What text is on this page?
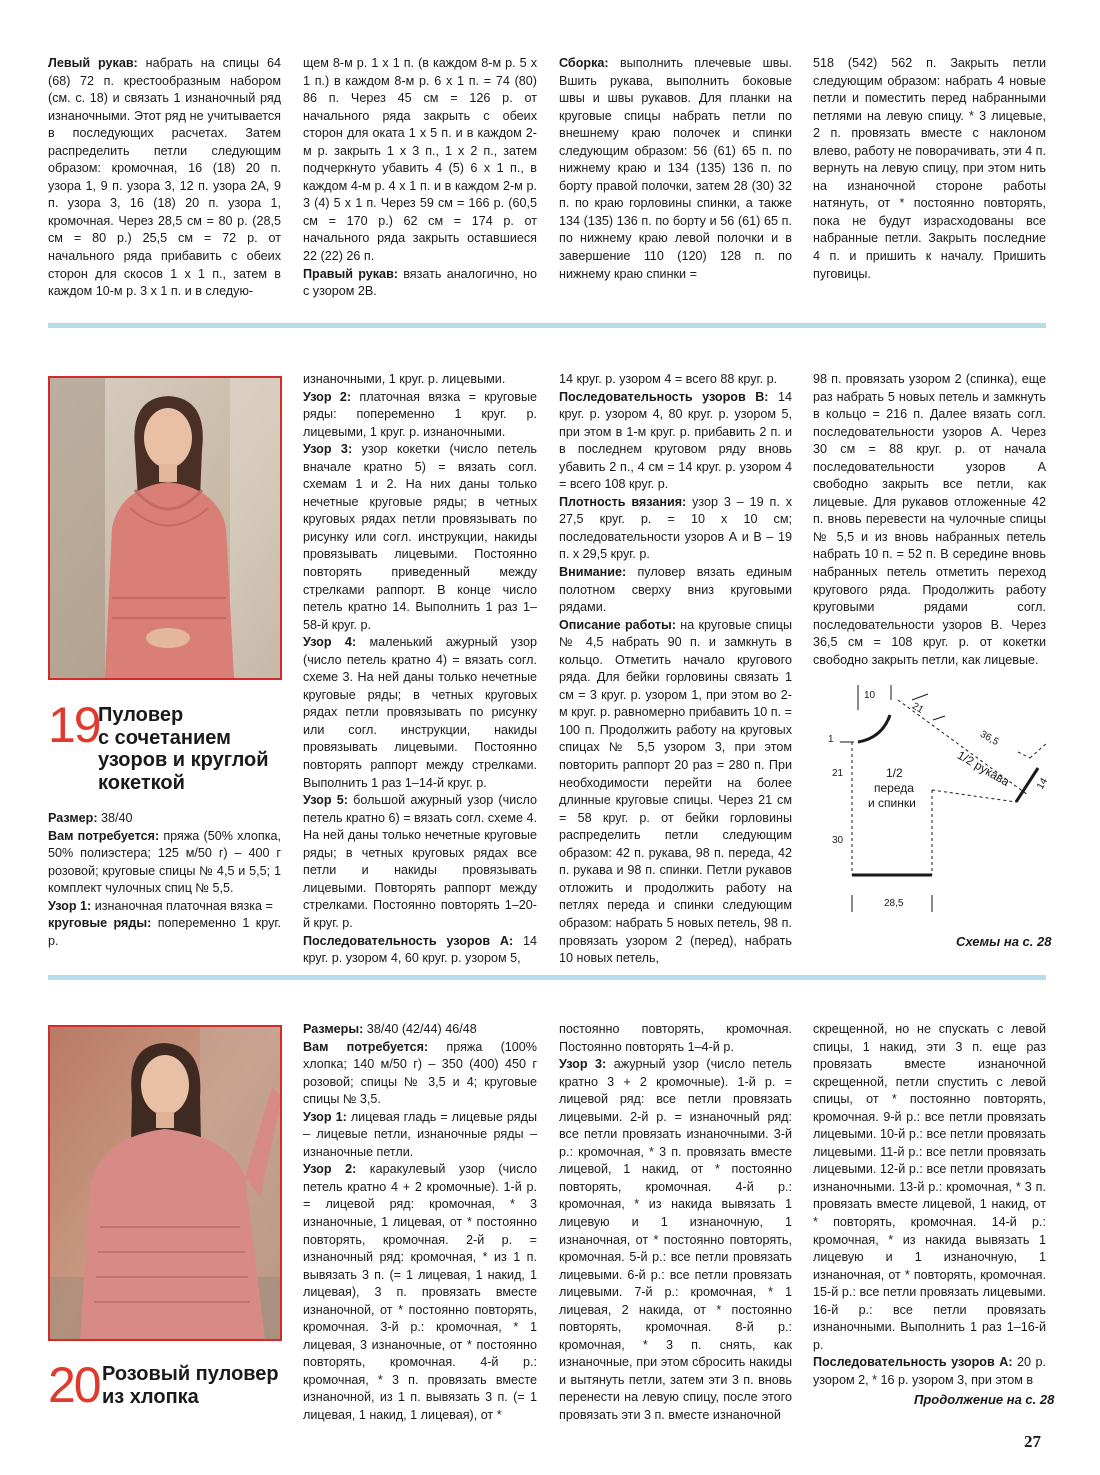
Левый рукав: набрать на спицы 64 (68) 72 п. крестообразным набором (см. с. 18) и связать 1 изнаночный ряд изнаночными. Этот ряд не учитывается в последующих расчетах. Затем распределить петли следующим образом: кромочная, 16 (18) 20 п. узора 1, 9 п. узора 3, 12 п. узора 2А, 9 п. узора 3, 16 (18) 20 п. узора 1, кромочная. Через 28,5 см = 80 р. (28,5 см = 80 р.) 25,5 см = 72 р. от начального ряда прибавить с обеих сторон для скосов 1 х 1 п., затем в каждом 10-м р. 3 х 1 п. и в следую-

щем 8-м р. 1 х 1 п. (в каждом 8-м р. 5 х 1 п.) в каждом 8-м р. 6 х 1 п. = 74 (80) 86 п. Через 45 см = 126 р. от начального ряда закрыть с обеих сторон для оката 1 х 5 п. и в каждом 2-м р. закрыть 1 х 3 п., 1 х 2 п., затем подчеркнуто убавить 4 (5) 6 х 1 п., в каждом 4-м р. 4 х 1 п. и в каждом 2-м р. 3 (4) 5 х 1 п. Через 59 см = 166 р. (60,5 см = 170 р.) 62 см = 174 р. от начального ряда закрыть оставшиеся 22 (22) 26 п.

Правый рукав: вязать аналогично, но с узором 2В.

Сборка: выполнить плечевые швы. Вшить рукава, выполнить боковые швы и швы рукавов. Для планки на круговые спицы набрать петли по внешнему краю полочек и спинки следующим образом: 56 (61) 65 п. по нижнему краю и 134 (135) 136 п. по борту правой полочки, затем 28 (30) 32 п. по краю горловины спинки, а также 134 (135) 136 п. по борту и 56 (61) 65 п. по нижнему краю левой полочки и в завершение 110 (120) 128 п. по нижнему краю спинки =

518 (542) 562 п. Закрыть петли следующим образом: набрать 4 новые петли и поместить перед набранными петлями на левую спицу. * 3 лицевые, 2 п. провязать вместе с наклоном влево, работу не поворачивать, эти 4 п. вернуть на левую спицу, при этом нить на изнаночной стороне работы натянуть, от * постоянно повторять, пока не будут израсходованы все набранные петли. Закрыть последние 4 п. и пришить к началу. Пришить пуговицы.

19
Пуловер
с сочетанием
узоров и круглой
кокеткой

Размер: 38/40

Вам потребуется: пряжа (50% хлопка, 50% полиэстера; 125 м/50 г) – 400 г розовой; круговые спицы № 4,5 и 5,5; 1 комплект чулочных спиц № 5,5.

Узор 1: изнаночная платочная вязка =

круговые ряды: попеременно 1 круг. р.

изнаночными, 1 круг. р. лицевыми.

Узор 2: платочная вязка = круговые ряды: попеременно 1 круг. р. лицевыми, 1 круг. р. изнаночными.

Узор 3: узор кокетки (число петель вначале кратно 5) = вязать согл. схемам 1 и 2. На них даны только нечетные круговые ряды; в четных круговых рядах петли провязывать по рисунку или согл. инструкции, накиды провязывать лицевыми. Постоянно повторять приведенный между стрелками раппорт. В конце число петель кратно 14. Выполнить 1 раз 1–58-й круг. р.

Узор 4: маленький ажурный узор (число петель кратно 4) = вязать согл. схеме 3. На ней даны только нечетные круговые ряды; в четных круговых рядах петли провязывать по рисунку или согл. инструкции, накиды провязывать лицевыми. Постоянно повторять раппорт между стрелками. Выполнить 1 раз 1–14-й круг. р.

Узор 5: большой ажурный узор (число петель кратно 6) = вязать согл. схеме 4. На ней даны только нечетные круговые ряды; в четных круговых рядах все петли и накиды провязывать лицевыми. Повторять раппорт между стрелками. Постоянно повторять 1–20-й круг. р.

Последовательность узоров А: 14 круг. р. узором 4, 60 круг. р. узором 5,

14 круг. р. узором 4 = всего 88 круг. р.

Последовательность узоров В: 14 круг. р. узором 4, 80 круг. р. узором 5, при этом в 1-м круг. р. прибавить 2 п. и в последнем круговом ряду вновь убавить 2 п., 4 см = 14 круг. р. узором 4 = всего 108 круг. р.

Плотность вязания: узор 3 – 19 п. х 27,5 круг. р. = 10 х 10 см; последовательности узоров А и В – 19 п. х 29,5 круг. р.

Внимание: пуловер вязать единым полотном сверху вниз круговыми рядами.

Описание работы: на круговые спицы № 4,5 набрать 90 п. и замкнуть в кольцо. Отметить начало кругового ряда. Для бейки горловины связать 1 см = 3 круг. р. узором 1, при этом во 2-м круг. р. равномерно прибавить 10 п. = 100 п. Продолжить работу на круговых спицах № 5,5 узором 3, при этом повторить раппорт 20 раз = 280 п. При необходимости перейти на более длинные круговые спицы. Через 21 см = 58 круг. р. от бейки горловины распределить петли следующим образом: 42 п. рукава, 98 п. переда, 42 п. рукава и 98 п. спинки. Петли рукавов отложить и продолжить работу на петлях переда и спинки следующим образом: набрать 5 новых петель, 98 п. провязать узором 2 (перед), набрать 10 новых петель,

98 п. провязать узором 2 (спинка), еще раз набрать 5 новых петель и замкнуть в кольцо = 216 п. Далее вязать согл. последовательности узоров А. Через 30 см = 88 круг. р. от начала последовательности узоров А свободно закрыть все петли, как лицевые. Для рукавов отложенные 42 п. вновь перевести на чулочные спицы № 5,5 и из вновь набранных петель набрать 10 п. = 52 п. В середине вновь набранных петель отметить переход кругового ряда. Продолжить работу круговыми рядами согл. последовательности узоров В. Через 36,5 см = 108 круг. р. от кокетки свободно закрыть петли, как лицевые.

10
21
36,5
1
21	1/2 рукава 14
1/2
переда
и спинки
30
28,5
Схемы на с. 28
20 Розовый пуловер
из хлопка

Размеры: 38/40 (42/44) 46/48

Вам потребуется: пряжа (100% хлопка; 140 м/50 г) – 350 (400) 450 г розовой; спицы № 3,5 и 4; круговые спицы № 3,5.

Узор 1: лицевая гладь = лицевые ряды – лицевые петли, изнаночные ряды – изнаночные петли.

Узор 2: каракулевый узор (число петель кратно 4 + 2 кромочные). 1-й р. = лицевой ряд: кромочная, * 3 изнаночные, 1 лицевая, от * постоянно повторять, кромочная. 2-й р. = изнаночный ряд: кромочная, * из 1 п. вывязать 3 п. (= 1 лицевая, 1 накид, 1 лицевая), 3 п. провязать вместе изнаночной, от * постоянно повторять, кромочная. 3-й р.: кромочная, * 1 лицевая, 3 изнаночные, от * постоянно повторять, кромочная. 4-й р.: кромочная, * 3 п. провязать вместе изнаночной, из 1 п. вывязать 3 п. (= 1 лицевая, 1 накид, 1 лицевая), от *

постоянно повторять, кромочная. Постоянно повторять 1–4-й р.

Узор 3: ажурный узор (число петель кратно 3 + 2 кромочные). 1-й р. = лицевой ряд: все петли провязать лицевыми. 2-й р. = изнаночный ряд: все петли провязать изнаночными. 3-й р.: кромочная, * 3 п. провязать вместе лицевой, 1 накид, от * постоянно повторять, кромочная. 4-й р.: кромочная, * из накида вывязать 1 лицевую и 1 изнаночную, 1 изнаночная, от * постоянно повторять, кромочная. 5-й р.: все петли провязать лицевыми. 6-й р.: все петли провязать лицевыми. 7-й р.: кромочная, * 1 лицевая, 2 накида, от * постоянно повторять, кромочная. 8-й р.: кромочная, * 3 п. снять, как изнаночные, при этом сбросить накиды и вытянуть петли, затем эти 3 п. вновь перенести на левую спицу, после этого провязать эти 3 п. вместе изнаночной

скрещенной, но не спускать с левой спицы, 1 накид, эти 3 п. еще раз провязать вместе изнаночной скрещенной, петли спустить с левой спицы, от * постоянно повторять, кромочная. 9-й р.: все петли провязать лицевыми. 10-й р.: все петли провязать лицевыми. 11-й р.: все петли провязать лицевыми. 12-й р.: все петли провязать изнаночными. 13-й р.: кромочная, * 3 п. провязать вместе лицевой, 1 накид, от * повторять, кромочная. 14-й р.: кромочная, * из накида вывязать 1 лицевую и 1 изнаночную, 1 изнаночная, от * повторять, кромочная. 15-й р.: все петли провязать лицевыми. 16-й р.: все петли провязать изнаночными. Выполнить 1 раз 1–16-й р.

Последовательность узоров А: 20 р. узором 2, * 16 р. узором 3, при этом в

Продолжение на с. 28
27
